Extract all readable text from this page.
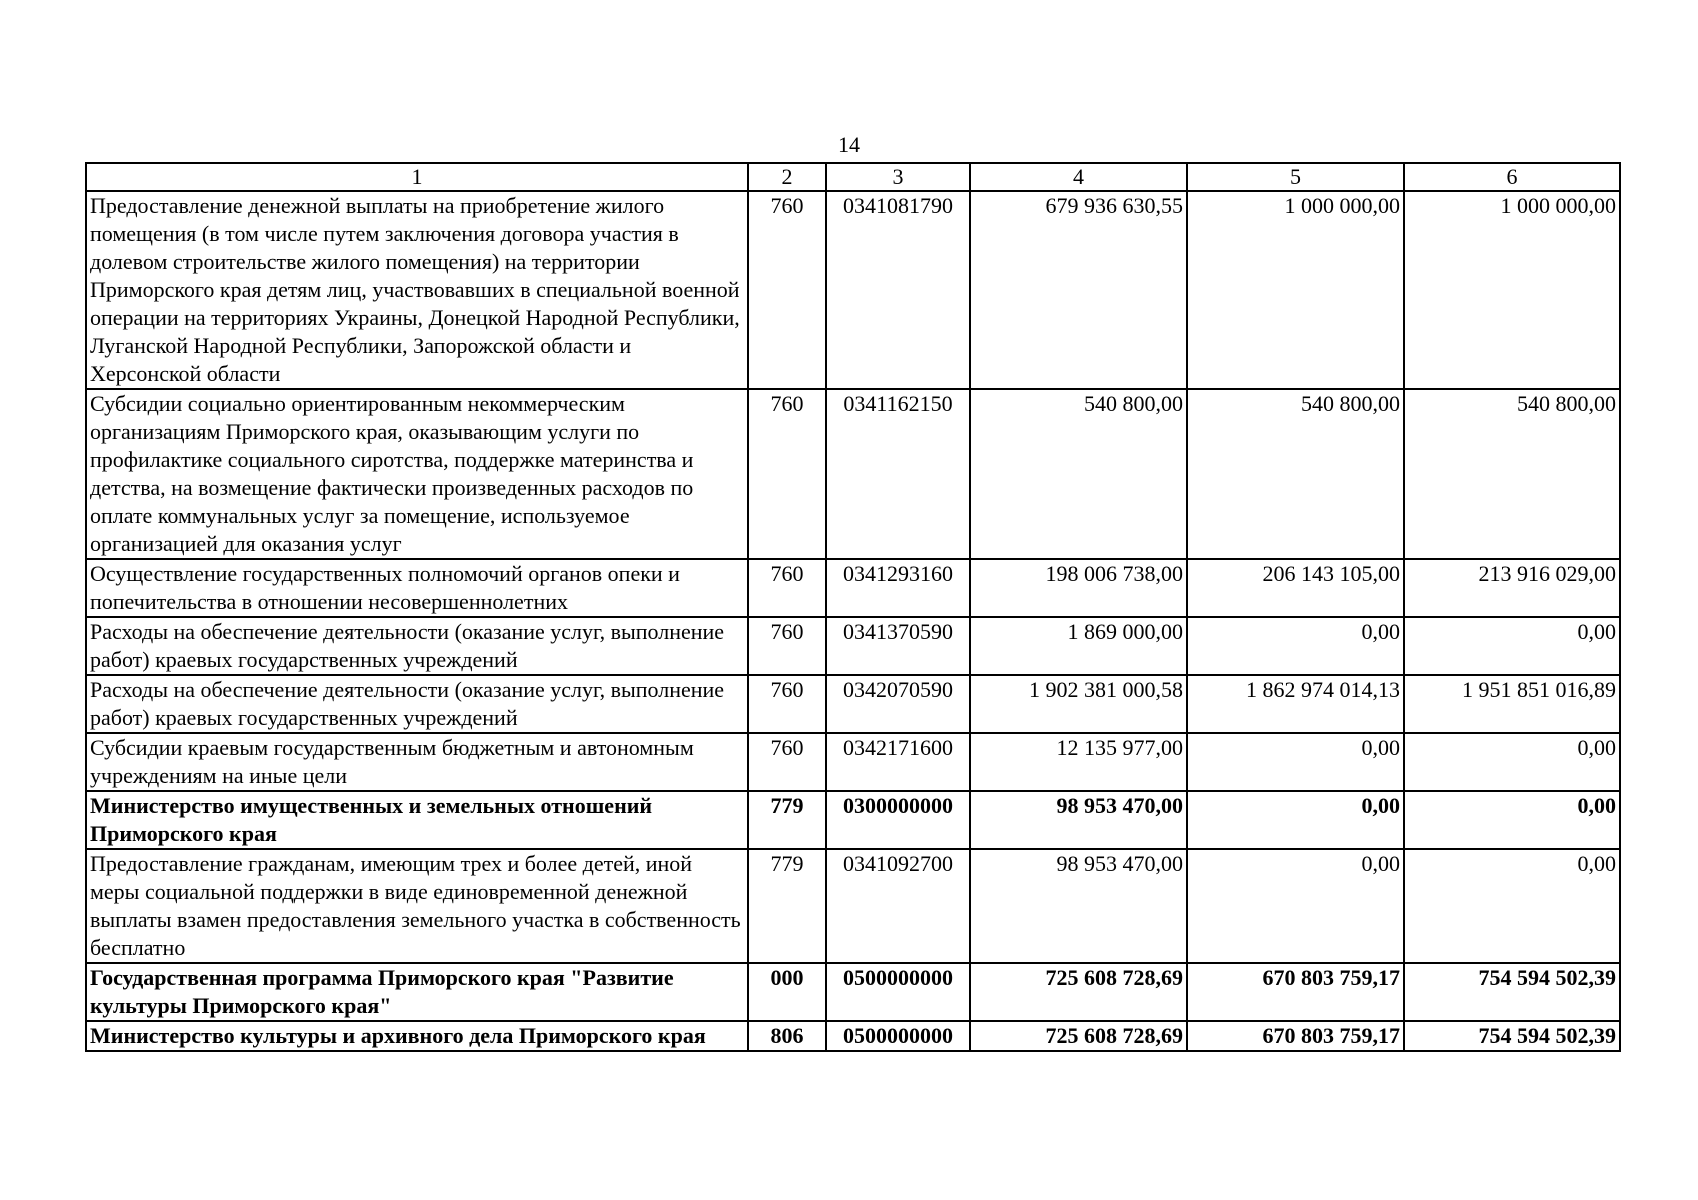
14
1	2	3	4	5	6
Предоставление денежной выплаты на приобретение жилого помещения (в том числе путем заключения договора участия в долевом строительстве жилого помещения) на территории Приморского края детям лиц, участвовавших в специальной военной операции на территориях Украины, Донецкой Народной Республики, Луганской Народной Республики, Запорожской области и Херсонской области	760	0341081790	679 936 630,55	1 000 000,00	1 000 000,00
Субсидии социально ориентированным некоммерческим организациям Приморского края, оказывающим услуги по профилактике социального сиротства, поддержке материнства и детства, на возмещение фактически произведенных расходов по оплате коммунальных услуг за помещение, используемое организацией для оказания услуг	760	0341162150	540 800,00	540 800,00	540 800,00
Осуществление государственных полномочий органов опеки и попечительства в отношении несовершеннолетних	760	0341293160	198 006 738,00	206 143 105,00	213 916 029,00
Расходы на обеспечение деятельности (оказание услуг, выполнение работ) краевых государственных учреждений	760	0341370590	1 869 000,00	0,00	0,00
Расходы на обеспечение деятельности (оказание услуг, выполнение работ) краевых государственных учреждений	760	0342070590	1 902 381 000,58	1 862 974 014,13	1 951 851 016,89
Субсидии краевым государственным бюджетным и автономным учреждениям на иные цели	760	0342171600	12 135 977,00	0,00	0,00
Министерство имущественных и земельных отношений Приморского края	779	0300000000	98 953 470,00	0,00	0,00
Предоставление гражданам, имеющим трех и более детей, иной меры социальной поддержки в виде единовременной денежной выплаты взамен предоставления земельного участка в собственность бесплатно	779	0341092700	98 953 470,00	0,00	0,00
Государственная программа Приморского края "Развитие культуры Приморского края"	000	0500000000	725 608 728,69	670 803 759,17	754 594 502,39
Министерство культуры и архивного дела Приморского края	806	0500000000	725 608 728,69	670 803 759,17	754 594 502,39
